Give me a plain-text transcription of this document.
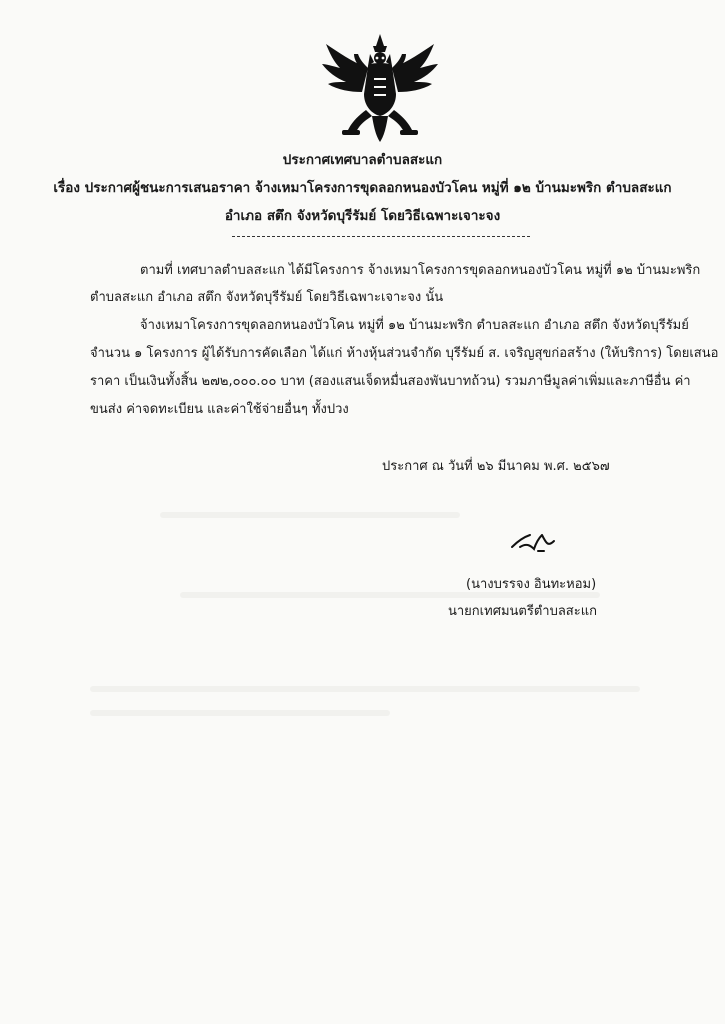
ประกาศเทศบาลตำบลสะแก
เรื่อง ประกาศผู้ชนะการเสนอราคา จ้างเหมาโครงการขุดลอกหนองบัวโคน หมู่ที่ ๑๒ บ้านมะพริก ตำบลสะแก
อำเภอ สตึก จังหวัดบุรีรัมย์ โดยวิธีเฉพาะเจาะจง
ตามที่ เทศบาลตำบลสะแก ได้มีโครงการ จ้างเหมาโครงการขุดลอกหนองบัวโคน หมู่ที่ ๑๒ บ้านมะพริก
ตำบลสะแก อำเภอ สตึก จังหวัดบุรีรัมย์ โดยวิธีเฉพาะเจาะจง นั้น
จ้างเหมาโครงการขุดลอกหนองบัวโคน หมู่ที่ ๑๒ บ้านมะพริก ตำบลสะแก อำเภอ สตึก จังหวัดบุรีรัมย์
จำนวน ๑ โครงการ ผู้ได้รับการคัดเลือก ได้แก่ ห้างหุ้นส่วนจำกัด บุรีรัมย์ ส. เจริญสุขก่อสร้าง (ให้บริการ) โดยเสนอ
ราคา เป็นเงินทั้งสิ้น ๒๗๒,๐๐๐.๐๐ บาท (สองแสนเจ็ดหมื่นสองพันบาทถ้วน) รวมภาษีมูลค่าเพิ่มและภาษีอื่น ค่า
ขนส่ง ค่าจดทะเบียน และค่าใช้จ่ายอื่นๆ ทั้งปวง
ประกาศ ณ วันที่ ๒๖ มีนาคม พ.ศ. ๒๕๖๗
(นางบรรจง อินทะหอม)
นายกเทศมนตรีตำบลสะแก
